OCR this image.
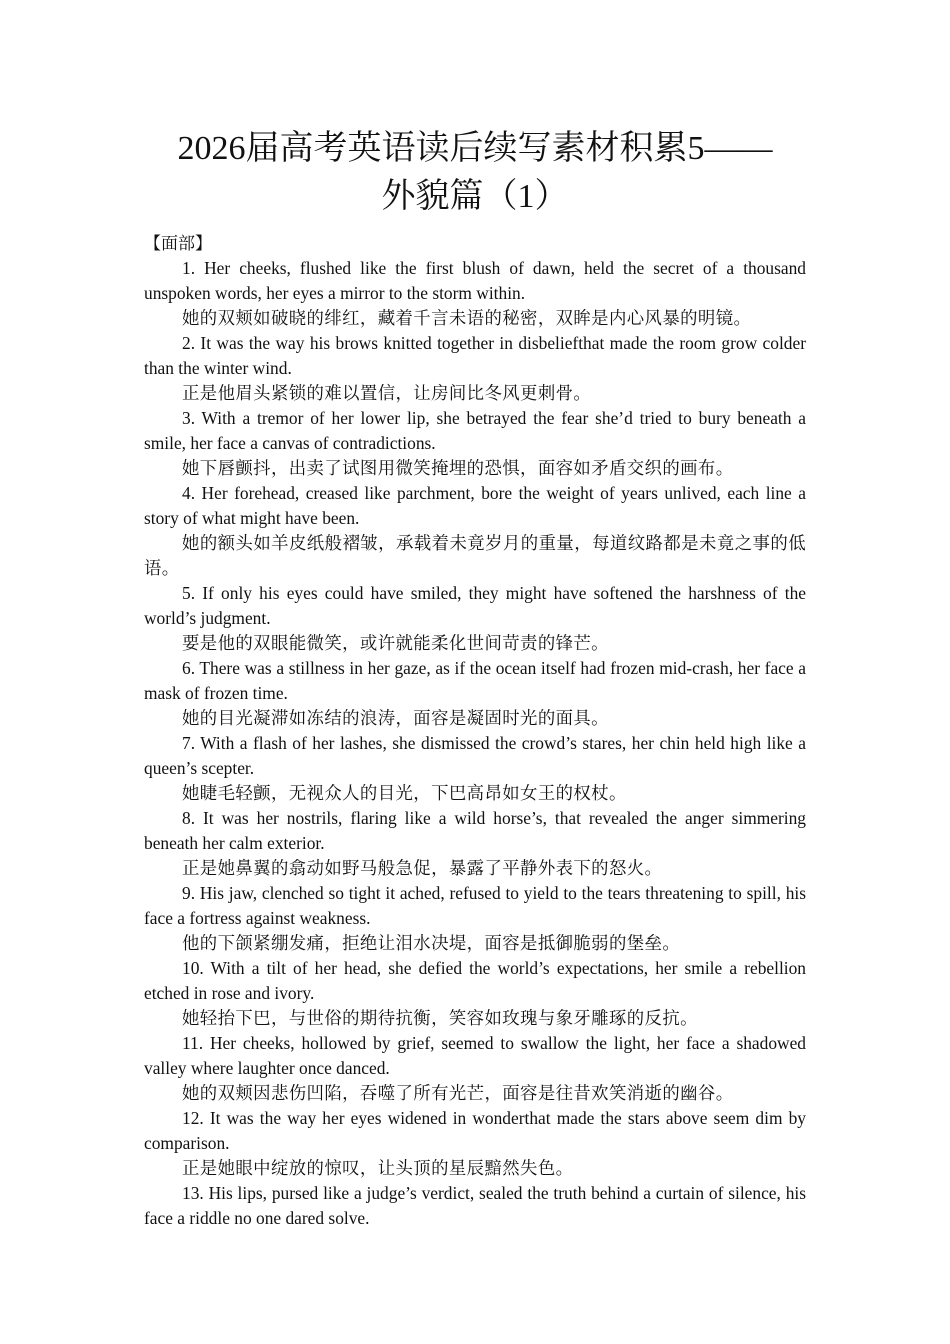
2026届高考英语读后续写素材积累5——
外貌篇（1）

【面部】

1. Her cheeks, flushed like the first blush of dawn, held the secret of a thousand unspoken words, her eyes a mirror to the storm within.

她的双颊如破晓的绯红，藏着千言未语的秘密，双眸是内心风暴的明镜。

2. It was the way his brows knitted together in disbeliefthat made the room grow colder than the winter wind.

正是他眉头紧锁的难以置信，让房间比冬风更刺骨。

3. With a tremor of her lower lip, she betrayed the fear she’d tried to bury beneath a smile, her face a canvas of contradictions.

她下唇颤抖，出卖了试图用微笑掩埋的恐惧，面容如矛盾交织的画布。

4. Her forehead, creased like parchment, bore the weight of years unlived, each line a story of what might have been.

她的额头如羊皮纸般褶皱，承载着未竟岁月的重量，每道纹路都是未竟之事的低语。

5. If only his eyes could have smiled, they might have softened the harshness of the world’s judgment.

要是他的双眼能微笑，或许就能柔化世间苛责的锋芒。

6. There was a stillness in her gaze, as if the ocean itself had frozen mid-crash, her face a mask of frozen time.

她的目光凝滞如冻结的浪涛，面容是凝固时光的面具。

7. With a flash of her lashes, she dismissed the crowd’s stares, her chin held high like a queen’s scepter.

她睫毛轻颤，无视众人的目光，下巴高昂如女王的权杖。

8. It was her nostrils, flaring like a wild horse’s, that revealed the anger simmering beneath her calm exterior.

正是她鼻翼的翕动如野马般急促，暴露了平静外表下的怒火。

9. His jaw, clenched so tight it ached, refused to yield to the tears threatening to spill, his face a fortress against weakness.

他的下颌紧绷发痛，拒绝让泪水决堤，面容是抵御脆弱的堡垒。

10. With a tilt of her head, she defied the world’s expectations, her smile a rebellion etched in rose and ivory.

她轻抬下巴，与世俗的期待抗衡，笑容如玫瑰与象牙雕琢的反抗。

11. Her cheeks, hollowed by grief, seemed to swallow the light, her face a shadowed valley where laughter once danced.

她的双颊因悲伤凹陷，吞噬了所有光芒，面容是往昔欢笑消逝的幽谷。

12. It was the way her eyes widened in wonderthat made the stars above seem dim by comparison.

正是她眼中绽放的惊叹，让头顶的星辰黯然失色。

13. His lips, pursed like a judge’s verdict, sealed the truth behind a curtain of silence, his face a riddle no one dared solve.
